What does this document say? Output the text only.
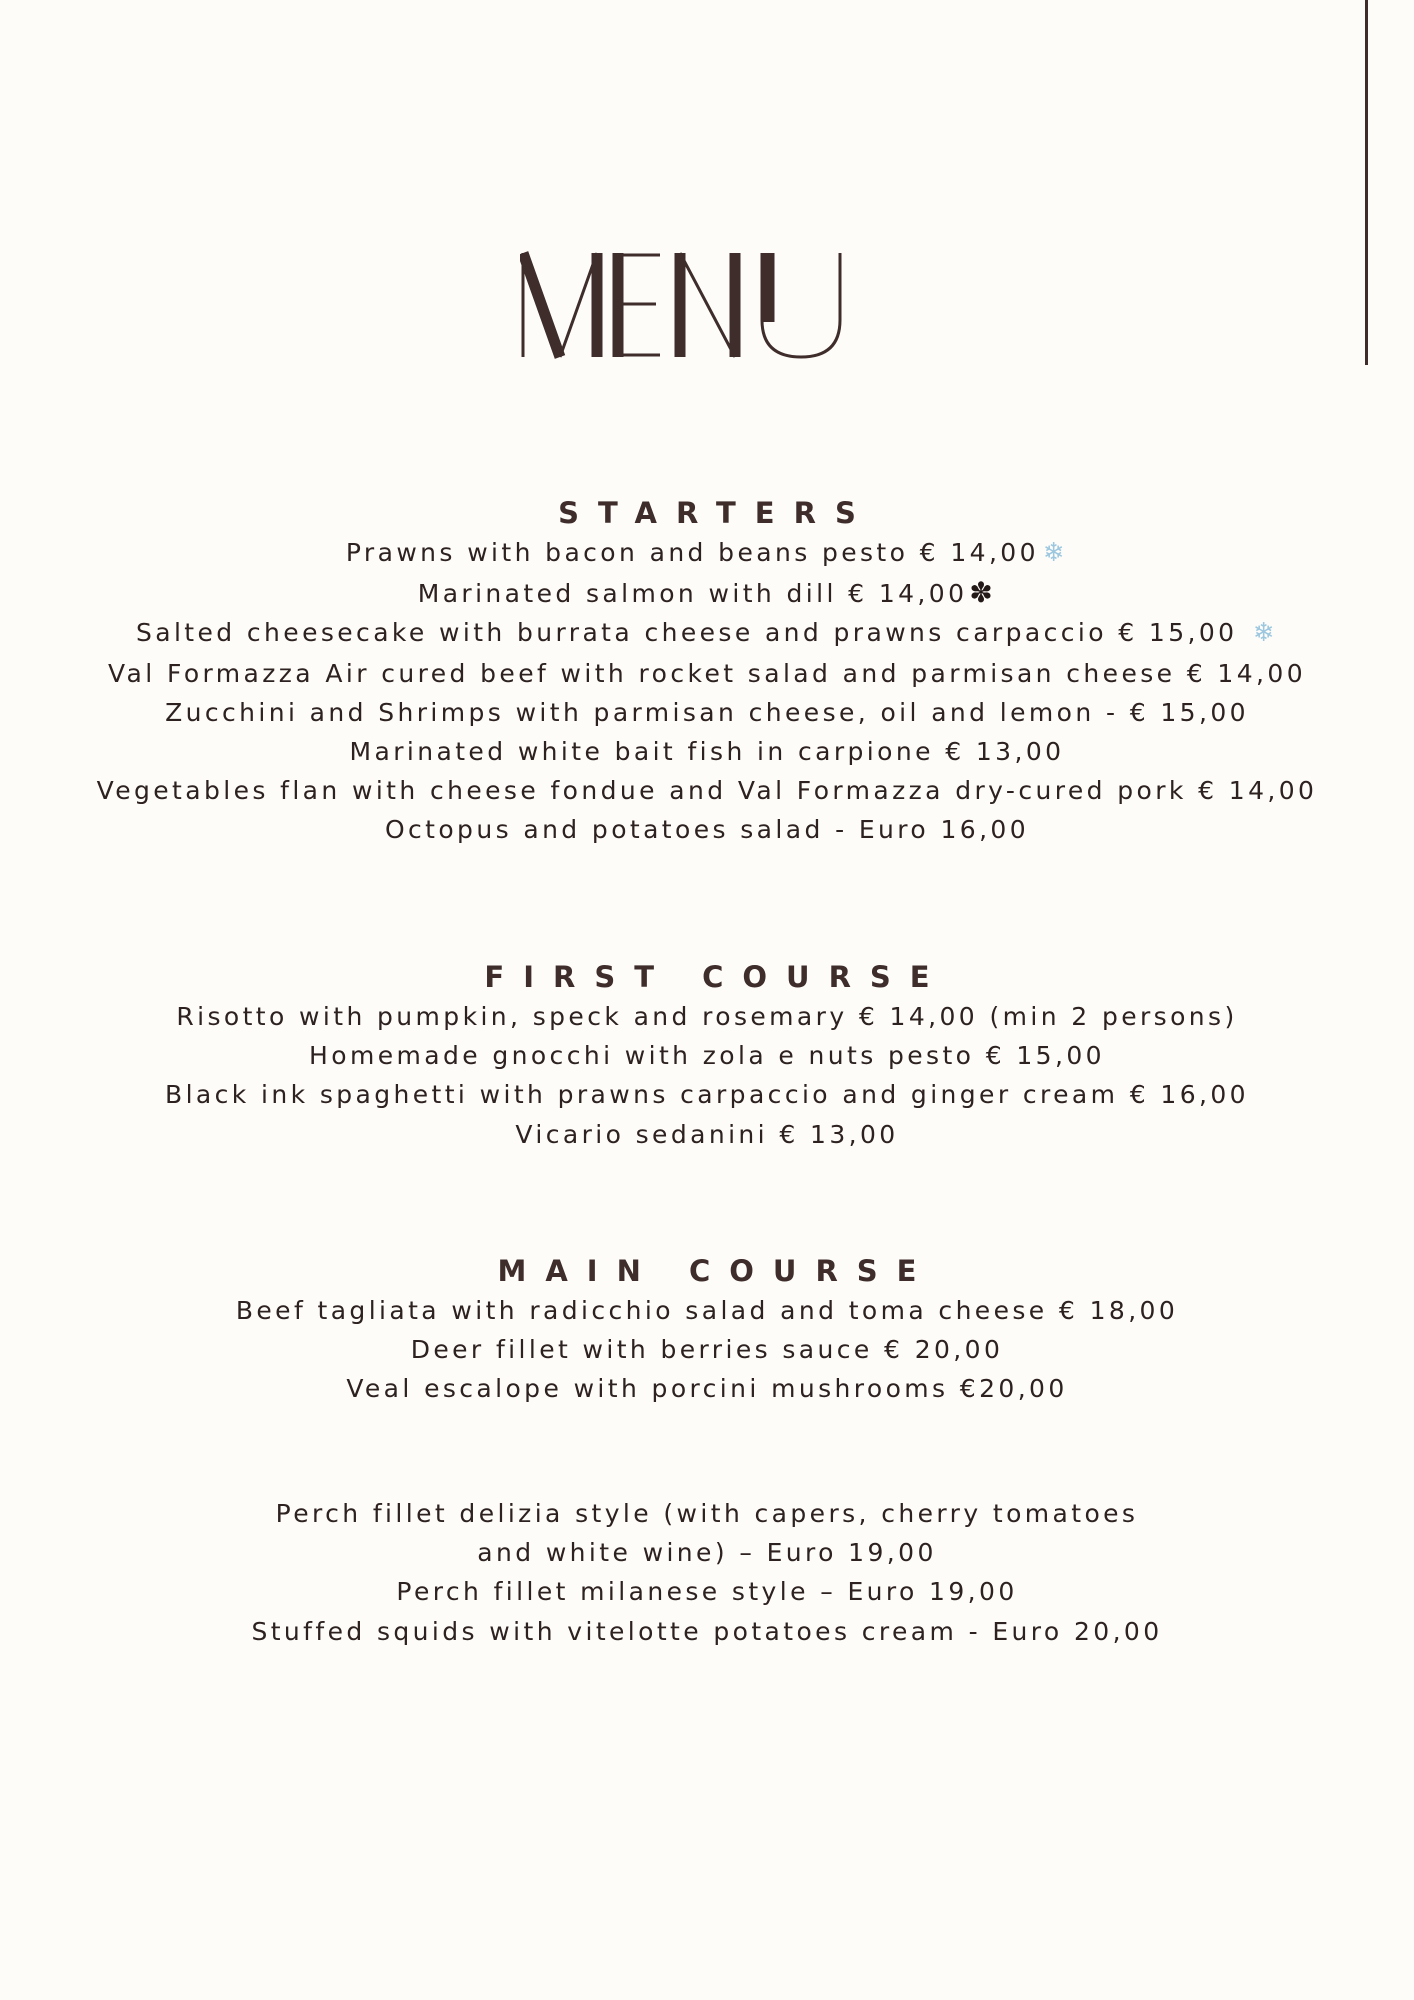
STARTERS
Prawns with bacon and beans pesto € 14,00 ❄
Marinated salmon with dill € 14,00✽
Salted cheesecake with burrata cheese and prawns carpaccio € 15,00 ❄
Val Formazza Air cured beef with rocket salad and parmisan cheese € 14,00
Zucchini and Shrimps with parmisan cheese, oil and lemon - € 15,00
Marinated white bait fish in carpione € 13,00
Vegetables flan with cheese fondue and Val Formazza dry-cured pork € 14,00
Octopus and potatoes salad - Euro 16,00
FIRST COURSE
Risotto with pumpkin, speck and rosemary € 14,00 (min 2 persons)
Homemade gnocchi with zola e nuts pesto € 15,00
Black ink spaghetti with prawns carpaccio and ginger cream € 16,00
Vicario sedanini € 13,00
MAIN COURSE
Beef tagliata with radicchio salad and toma cheese € 18,00
Deer fillet with berries sauce € 20,00
Veal escalope with porcini mushrooms €20,00
Perch fillet delizia style (with capers, cherry tomatoes
and white wine) – Euro 19,00
Perch fillet milanese style – Euro 19,00
Stuffed squids with vitelotte potatoes cream - Euro 20,00
